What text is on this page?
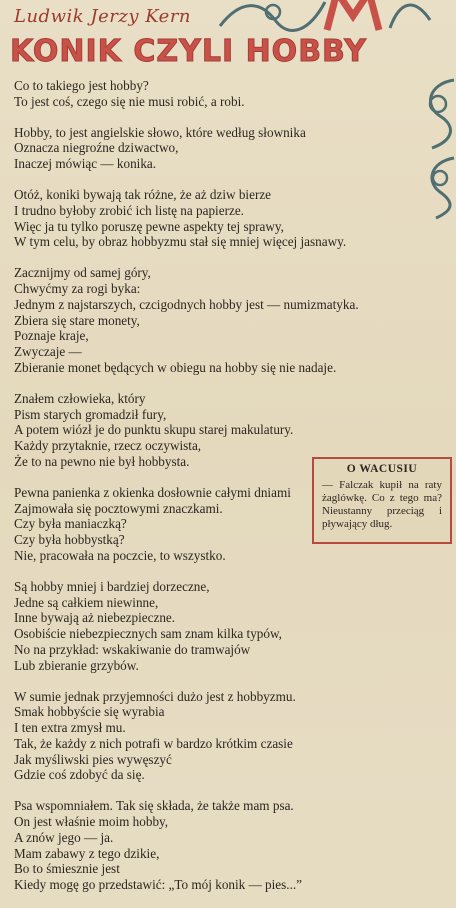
Ludwik Jerzy Kern
KONIK CZYLI HOBBY
Co to takiego jest hobby?
To jest coś, czego się nie musi robić, a robi.
Hobby, to jest angielskie słowo, które według słownika
Oznacza niegroźne dziwactwo,
Inaczej mówiąc — konika.
Otóż, koniki bywają tak różne, że aż dziw bierze
I trudno byłoby zrobić ich listę na papierze.
Więc ja tu tylko poruszę pewne aspekty tej sprawy,
W tym celu, by obraz hobbyzmu stał się mniej więcej jasnawy.
Zacznijmy od samej góry,
Chwyćmy za rogi byka:
Jednym z najstarszych, czcigodnych hobby jest — numizmatyka.
Zbiera się stare monety,
Poznaje kraje,
Zwyczaje —
Zbieranie monet będących w obiegu na hobby się nie nadaje.
Znałem człowieka, który
Pism starych gromadził fury,
A potem wiózł je do punktu skupu starej makulatury.
Każdy przytaknie, rzecz oczywista,
Że to na pewno nie był hobbysta.
Pewna panienka z okienka dosłownie całymi dniami
Zajmowała się pocztowymi znaczkami.
Czy była maniaczką?
Czy była hobbystką?
Nie, pracowała na poczcie, to wszystko.
Są hobby mniej i bardziej dorzeczne,
Jedne są całkiem niewinne,
Inne bywają aż niebezpieczne.
Osobiście niebezpiecznych sam znam kilka typów,
No na przykład: wskakiwanie do tramwajów
Lub zbieranie grzybów.
W sumie jednak przyjemności dużo jest z hobbyzmu.
Smak hobbyście się wyrabia
I ten extra zmysł mu.
Tak, że każdy z nich potrafi w bardzo krótkim czasie
Jak myśliwski pies wywęszyć
Gdzie coś zdobyć da się.
Psa wspomniałem. Tak się składa, że także mam psa.
On jest właśnie moim hobby,
A znów jego — ja.
Mam zabawy z tego dzikie,
Bo to śmiesznie jest
Kiedy mogę go przedstawić: „To mój konik — pies...”
O WACUSIU
— Falczak kupił na raty żaglówkę. Co z tego ma? Nieustanny przeciąg i pływający dług.
